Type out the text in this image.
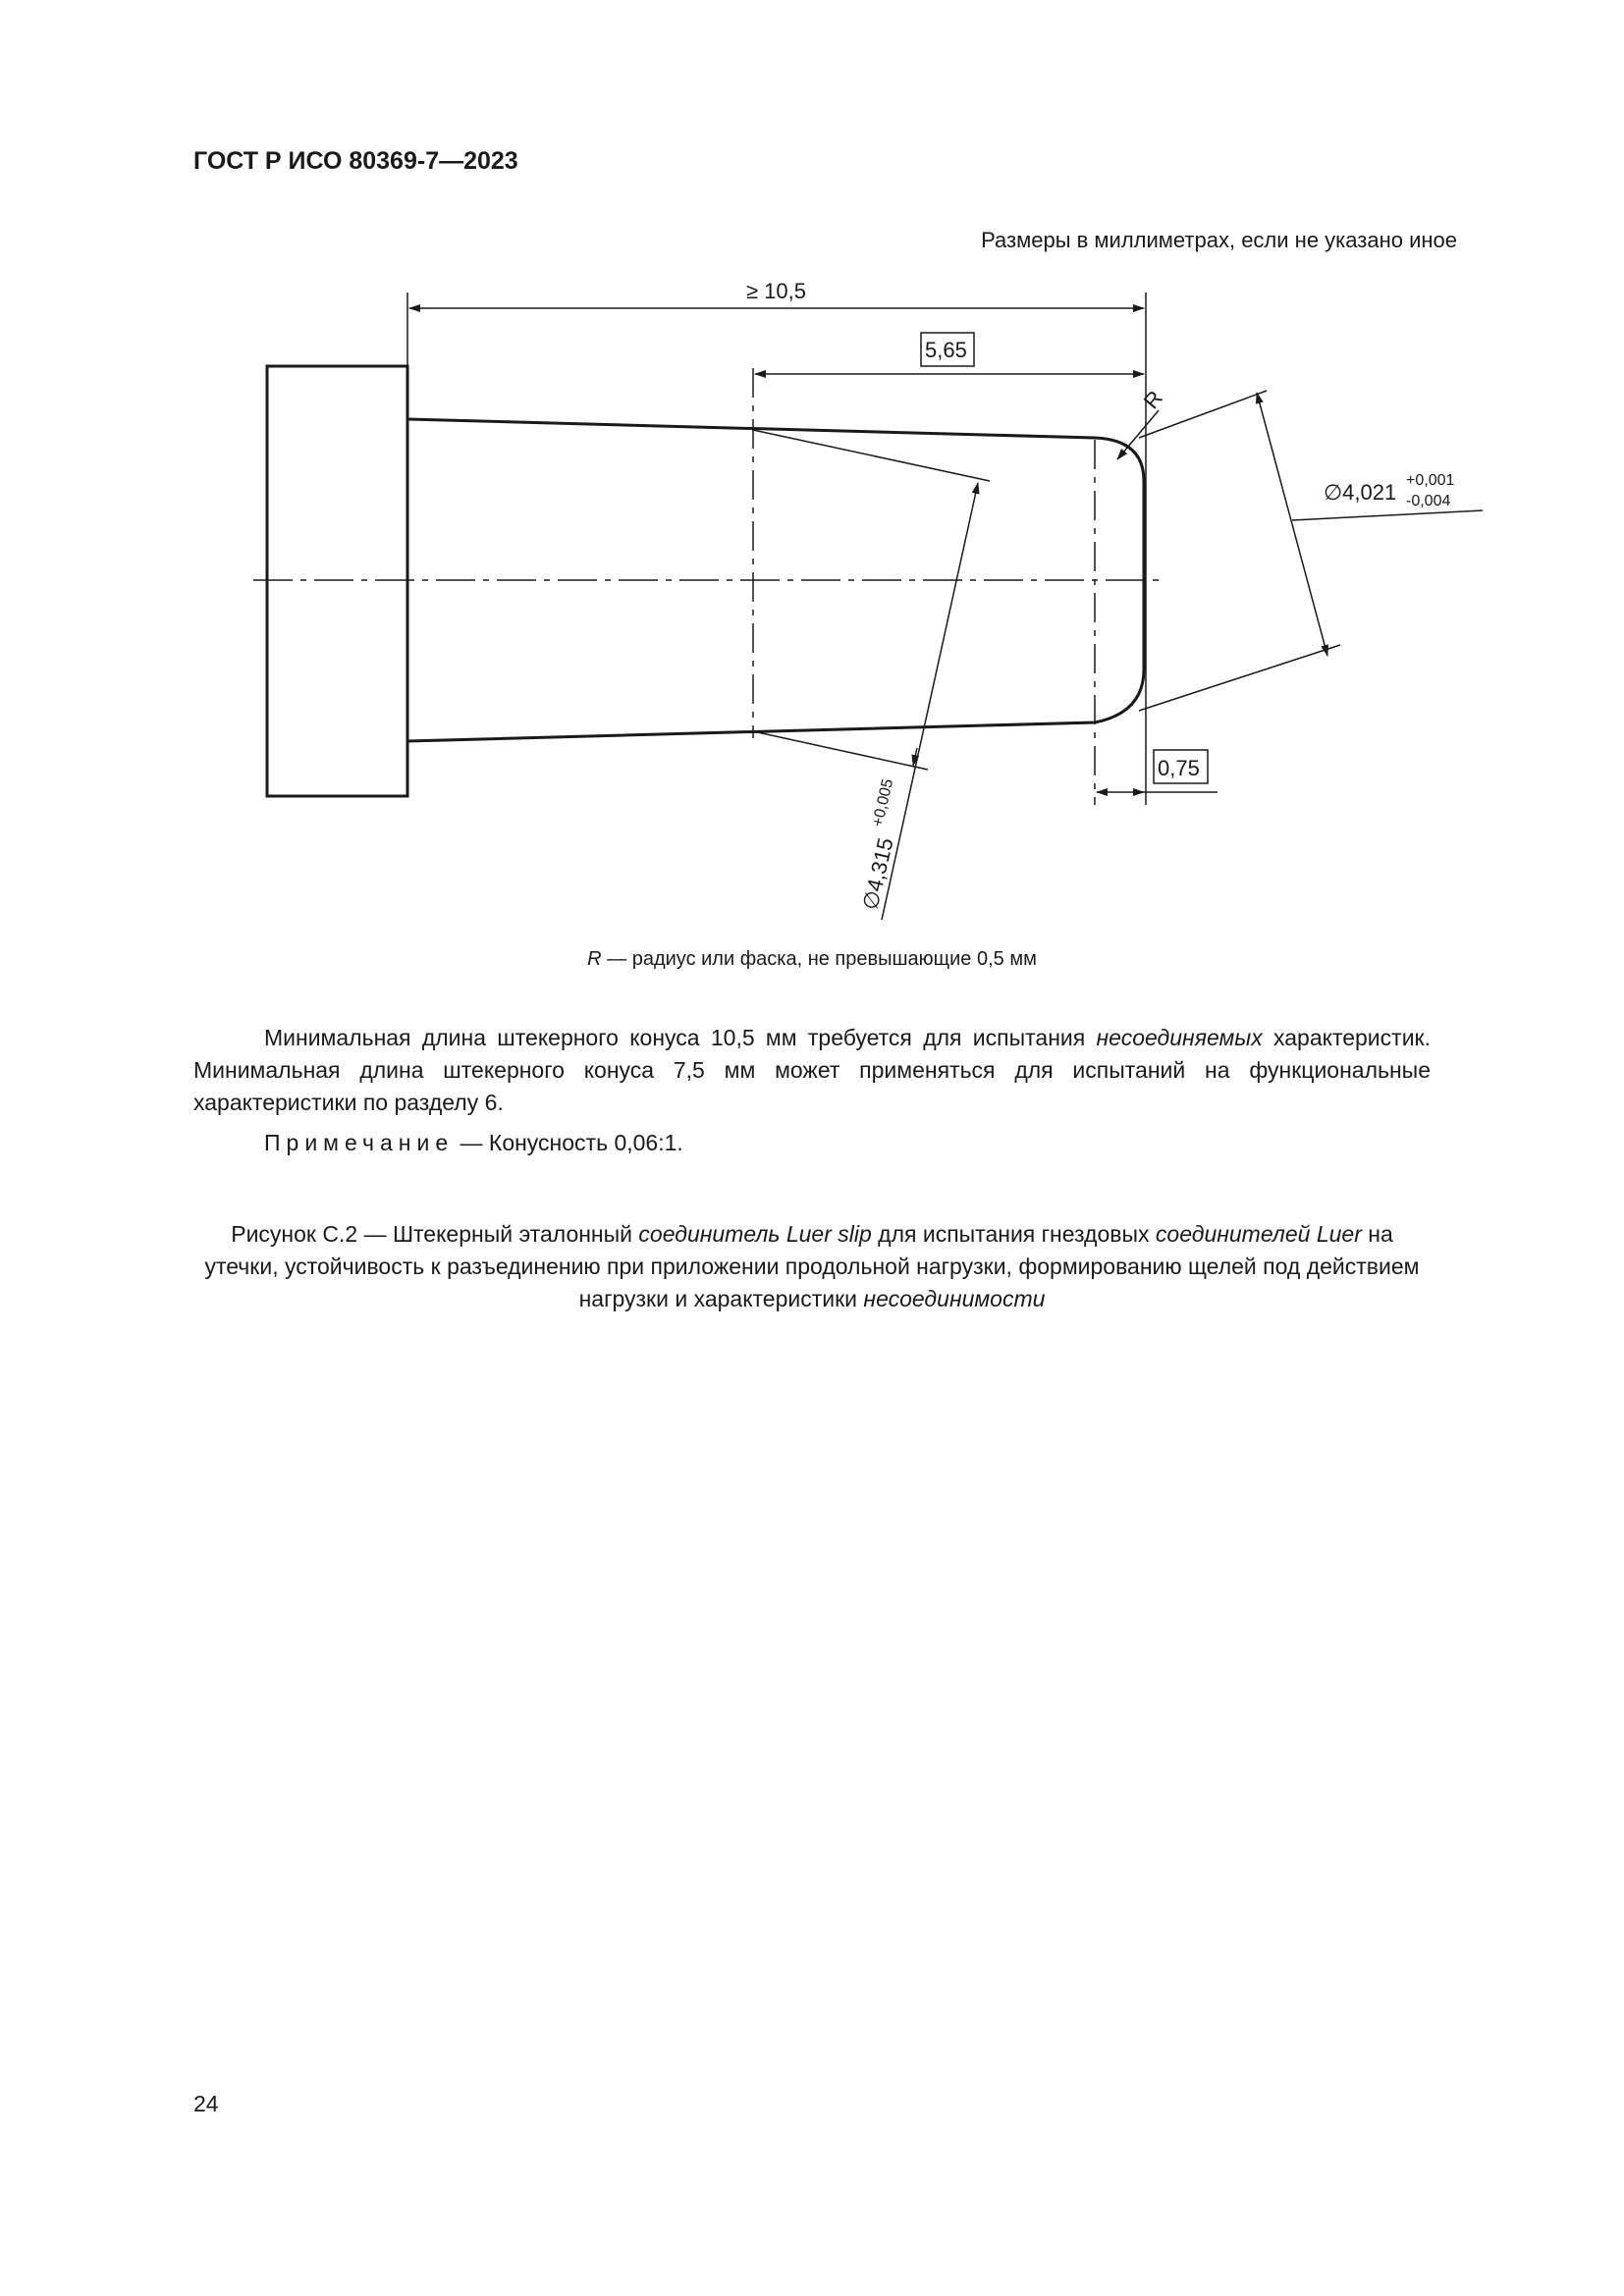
ГОСТ Р ИСО 80369-7—2023
Размеры в миллиметрах, если не указано иное
≥ 10,5
5,65
0,75
R
∅4,021 +0,001
-0,004
∅4,315
+0,005
R — радиус или фаска, не превышающие 0,5 мм
Минимальная длина штекерного конуса 10,5 мм требуется для испытания несоединяемых характеристик. Минимальная длина штекерного конуса 7,5 мм может применяться для испытаний на функциональные характеристики по разделу 6.
Примечание — Конусность 0,06:1.
Рисунок С.2 — Штекерный эталонный соединитель Luer slip для испытания гнездовых соединителей Luer на утечки, устойчивость к разъединению при приложении продольной нагрузки, формированию щелей под действием нагрузки и характеристики несоединимости
24
